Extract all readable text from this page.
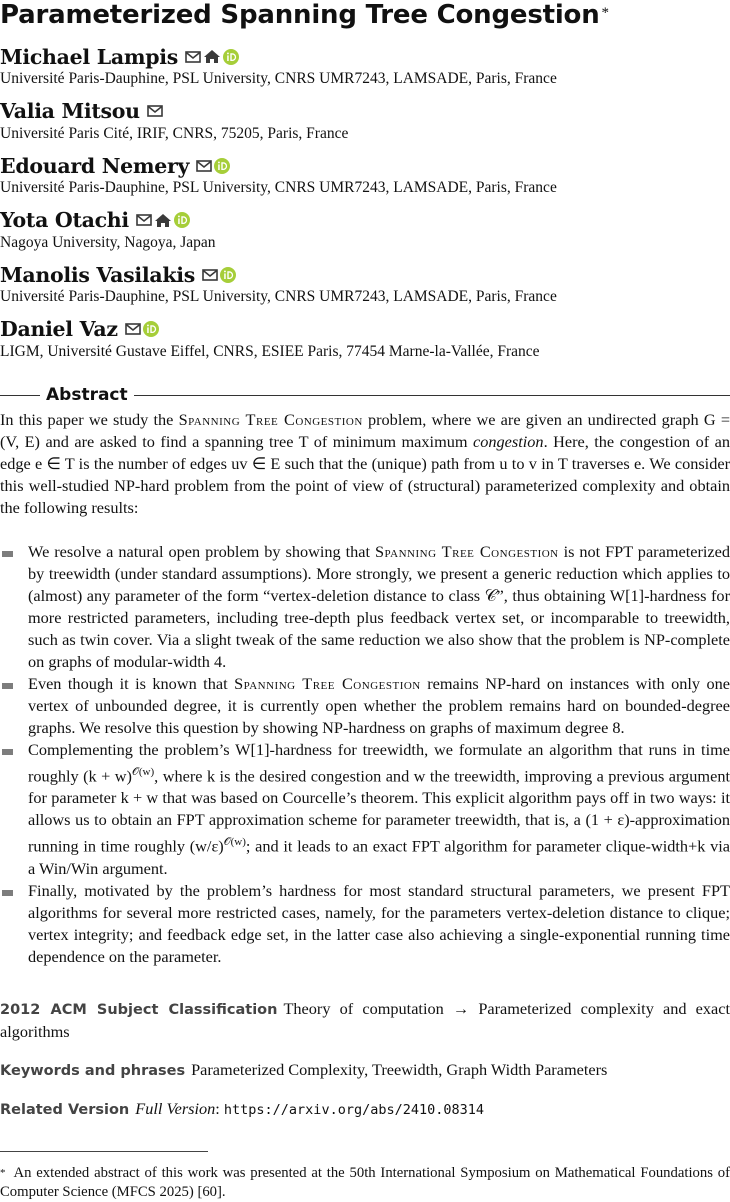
Parameterized Spanning Tree Congestion *
Michael Lampis
Université Paris-Dauphine, PSL University, CNRS UMR7243, LAMSADE, Paris, France
Valia Mitsou
Université Paris Cité, IRIF, CNRS, 75205, Paris, France
Edouard Nemery
Université Paris-Dauphine, PSL University, CNRS UMR7243, LAMSADE, Paris, France
Yota Otachi
Nagoya University, Nagoya, Japan
Manolis Vasilakis
Université Paris-Dauphine, PSL University, CNRS UMR7243, LAMSADE, Paris, France
Daniel Vaz
LIGM, Université Gustave Eiffel, CNRS, ESIEE Paris, 77454 Marne-la-Vallée, France
Abstract
In this paper we study the Spanning Tree Congestion problem, where we are given an undirected graph G = (V, E) and are asked to find a spanning tree T of minimum maximum congestion. Here, the congestion of an edge e ∈ T is the number of edges uv ∈ E such that the (unique) path from u to v in T traverses e. We consider this well-studied NP-hard problem from the point of view of (structural) parameterized complexity and obtain the following results:
We resolve a natural open problem by showing that Spanning Tree Congestion is not FPT parameterized by treewidth (under standard assumptions). More strongly, we present a generic reduction which applies to (almost) any parameter of the form “vertex-deletion distance to class 𝒞”, thus obtaining W[1]-hardness for more restricted parameters, including tree-depth plus feedback vertex set, or incomparable to treewidth, such as twin cover. Via a slight tweak of the same reduction we also show that the problem is NP-complete on graphs of modular-width 4.
Even though it is known that Spanning Tree Congestion remains NP-hard on instances with only one vertex of unbounded degree, it is currently open whether the problem remains hard on bounded-degree graphs. We resolve this question by showing NP-hardness on graphs of maximum degree 8.
Complementing the problem’s W[1]-hardness for treewidth, we formulate an algorithm that runs in time roughly $(k + w)^{𝒪(w)}$, where k is the desired congestion and w the treewidth, improving a previous argument for parameter k + w that was based on Courcelle’s theorem. This explicit algorithm pays off in two ways: it allows us to obtain an FPT approximation scheme for parameter treewidth, that is, a (1 + ε)-approximation running in time roughly $(w/\varepsilon)^{𝒪(w)}$; and it leads to an exact FPT algorithm for parameter clique-width+k via a Win/Win argument.
Finally, motivated by the problem’s hardness for most standard structural parameters, we present FPT algorithms for several more restricted cases, namely, for the parameters vertex-deletion distance to clique; vertex integrity; and feedback edge set, in the latter case also achieving a single-exponential running time dependence on the parameter.
2012 ACM Subject Classification Theory of computation → Parameterized complexity and exact algorithms
Keywords and phrases Parameterized Complexity, Treewidth, Graph Width Parameters
Related Version Full Version: https://arxiv.org/abs/2410.08314
* An extended abstract of this work was presented at the 50th International Symposium on Mathematical Foundations of Computer Science (MFCS 2025) [60].
